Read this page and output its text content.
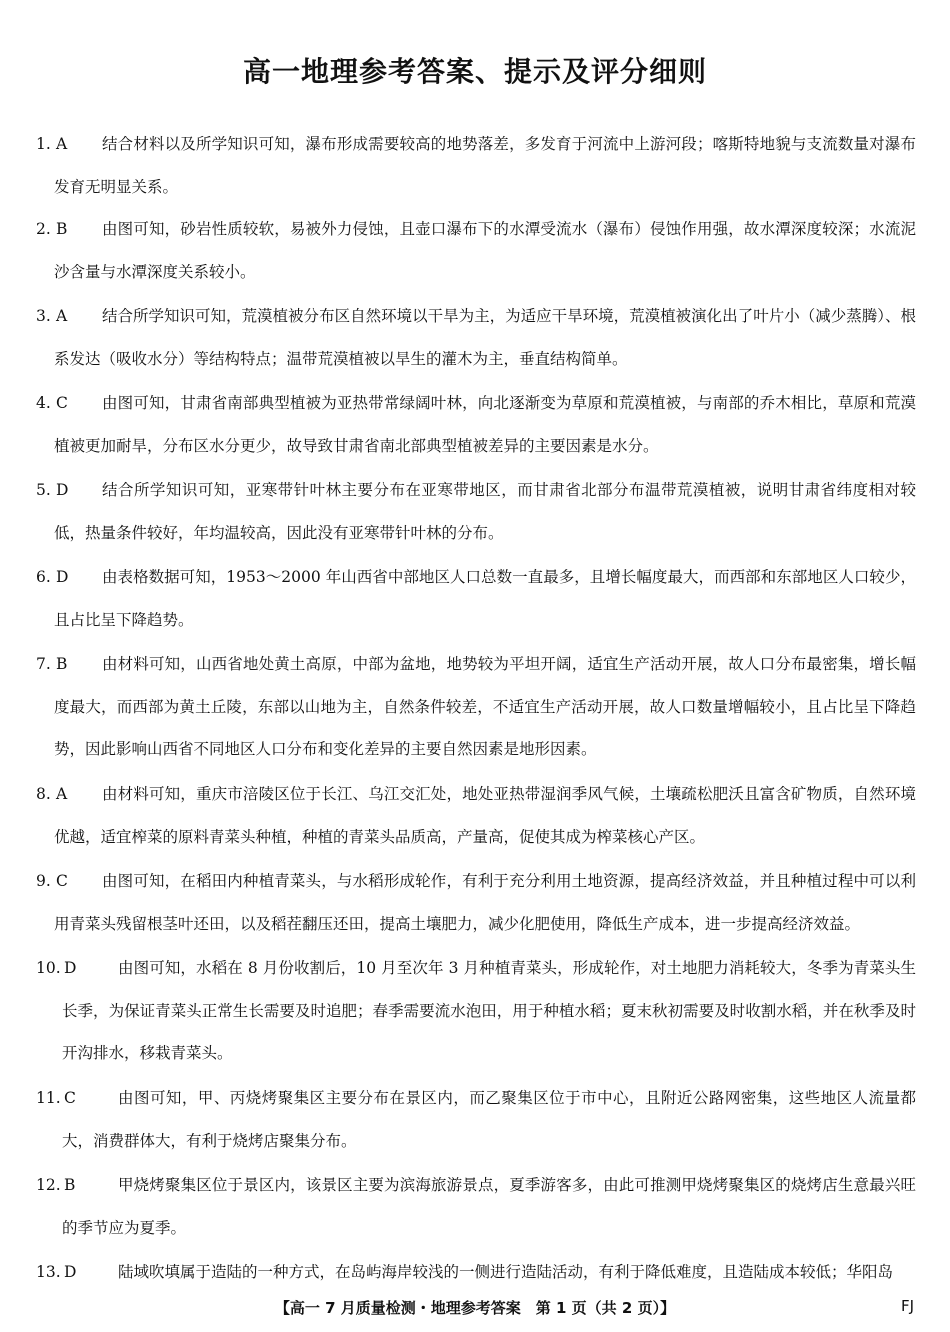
高一地理参考答案、提示及评分细则
1. A	结合材料以及所学知识可知，瀑布形成需要较高的地势落差，多发育于河流中上游河段；喀斯特地貌与支流数量对瀑布发育无明显关系。
2. B	由图可知，砂岩性质较软，易被外力侵蚀，且壶口瀑布下的水潭受流水（瀑布）侵蚀作用强，故水潭深度较深；水流泥沙含量与水潭深度关系较小。
3. A	结合所学知识可知，荒漠植被分布区自然环境以干旱为主，为适应干旱环境，荒漠植被演化出了叶片小（减少蒸腾）、根系发达（吸收水分）等结构特点；温带荒漠植被以旱生的灌木为主，垂直结构简单。
4. C	由图可知，甘肃省南部典型植被为亚热带常绿阔叶林，向北逐渐变为草原和荒漠植被，与南部的乔木相比，草原和荒漠植被更加耐旱，分布区水分更少，故导致甘肃省南北部典型植被差异的主要因素是水分。
5. D	结合所学知识可知，亚寒带针叶林主要分布在亚寒带地区，而甘肃省北部分布温带荒漠植被，说明甘肃省纬度相对较低，热量条件较好，年均温较高，因此没有亚寒带针叶林的分布。
6. D	由表格数据可知，1953～2000 年山西省中部地区人口总数一直最多，且增长幅度最大，而西部和东部地区人口较少，且占比呈下降趋势。
7. B	由材料可知，山西省地处黄土高原，中部为盆地，地势较为平坦开阔，适宜生产活动开展，故人口分布最密集，增长幅度最大，而西部为黄土丘陵，东部以山地为主，自然条件较差，不适宜生产活动开展，故人口数量增幅较小，且占比呈下降趋势，因此影响山西省不同地区人口分布和变化差异的主要自然因素是地形因素。
8. A	由材料可知，重庆市涪陵区位于长江、乌江交汇处，地处亚热带湿润季风气候，土壤疏松肥沃且富含矿物质，自然环境优越，适宜榨菜的原料青菜头种植，种植的青菜头品质高，产量高，促使其成为榨菜核心产区。
9. C	由图可知，在稻田内种植青菜头，与水稻形成轮作，有利于充分利用土地资源，提高经济效益，并且种植过程中可以利用青菜头残留根茎叶还田，以及稻茬翻压还田，提高土壤肥力，减少化肥使用，降低生产成本，进一步提高经济效益。
10. D	由图可知，水稻在 8 月份收割后，10 月至次年 3 月种植青菜头，形成轮作，对土地肥力消耗较大，冬季为青菜头生长季，为保证青菜头正常生长需要及时追肥；春季需要流水泡田，用于种植水稻；夏末秋初需要及时收割水稻，并在秋季及时开沟排水，移栽青菜头。
11. C	由图可知，甲、丙烧烤聚集区主要分布在景区内，而乙聚集区位于市中心，且附近公路网密集，这些地区人流量都大，消费群体大，有利于烧烤店聚集分布。
12. B	甲烧烤聚集区位于景区内，该景区主要为滨海旅游景点，夏季游客多，由此可推测甲烧烤聚集区的烧烤店生意最兴旺的季节应为夏季。
13. D	陆域吹填属于造陆的一种方式，在岛屿海岸较浅的一侧进行造陆活动，有利于降低难度，且造陆成本较低；华阳岛
【高一 7 月质量检测・地理参考答案　第 1 页（共 2 页）】	FJ
